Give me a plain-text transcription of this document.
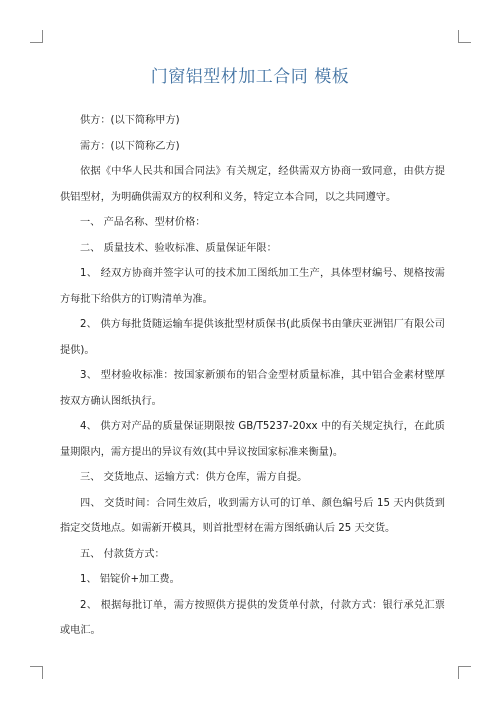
门窗铝型材加工合同 模板

供方：(以下简称甲方)

需方：(以下简称乙方)

依据《中华人民共和国合同法》有关规定，经供需双方协商一致同意，由供方提供铝型材，为明确供需双方的权利和义务，特定立本合同，以之共同遵守。

一、 产品名称、型材价格：

二、 质量技术、验收标准、质量保证年限：

1、 经双方协商并签字认可的技术加工图纸加工生产，具体型材编号、规格按需方每批下给供方的订购清单为准。

2、 供方每批货随运输车提供该批型材质保书(此质保书由肇庆亚洲铝厂有限公司提供)。

3、 型材验收标准：按国家新颁布的铝合金型材质量标准，其中铝合金素材壁厚按双方确认图纸执行。

4、 供方对产品的质量保证期限按 GB/T5237-20xx 中的有关规定执行，在此质量期限内，需方提出的异议有效(其中异议按国家标准来衡量)。

三、 交货地点、运输方式：供方仓库，需方自提。

四、 交货时间：合同生效后，收到需方认可的订单、颜色编号后 15 天内供货到指定交货地点。如需新开模具，则首批型材在需方图纸确认后 25 天交货。

五、 付款货方式：

1、 铝锭价+加工费。

2、 根据每批订单，需方按照供方提供的发货单付款，付款方式：银行承兑汇票或电汇。
